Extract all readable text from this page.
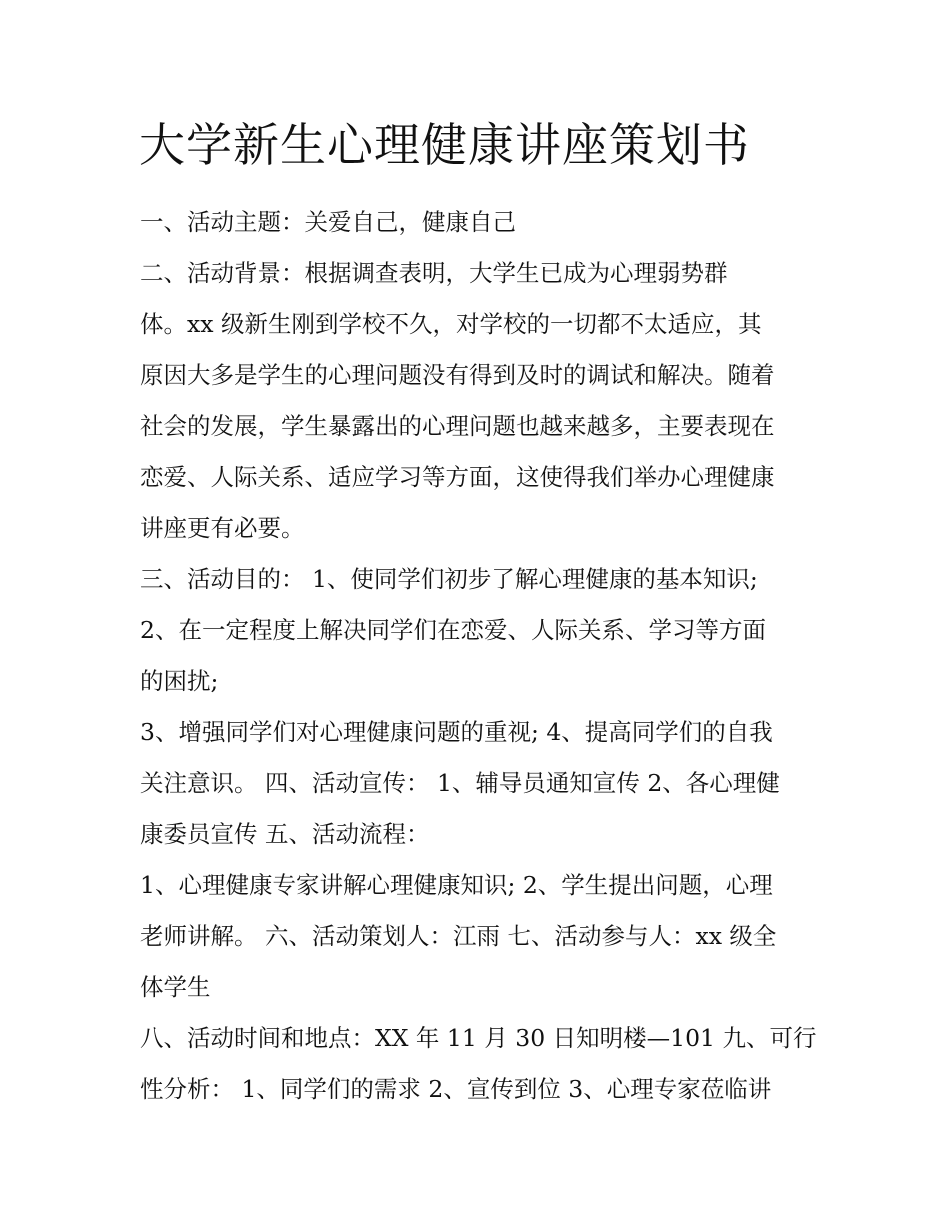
大学新生心理健康讲座策划书

一、活动主题：关爱自己，健康自己

二、活动背景：根据调查表明，大学生已成为心理弱势群

体。xx 级新生刚到学校不久，对学校的一切都不太适应，其

原因大多是学生的心理问题没有得到及时的调试和解决。随着

社会的发展，学生暴露出的心理问题也越来越多，主要表现在

恋爱、人际关系、适应学习等方面，这使得我们举办心理健康

讲座更有必要。

三、活动目的： 1、使同学们初步了解心理健康的基本知识;

2、在一定程度上解决同学们在恋爱、人际关系、学习等方面

的困扰;

3、增强同学们对心理健康问题的重视; 4、提高同学们的自我

关注意识。 四、活动宣传： 1、辅导员通知宣传 2、各心理健

康委员宣传 五、活动流程：

1、心理健康专家讲解心理健康知识; 2、学生提出问题，心理

老师讲解。 六、活动策划人：江雨 七、活动参与人：xx 级全

体学生

八、活动时间和地点：XX 年 11 月 30 日知明楼—101 九、可行

性分析： 1、同学们的需求 2、宣传到位 3、心理专家莅临讲
